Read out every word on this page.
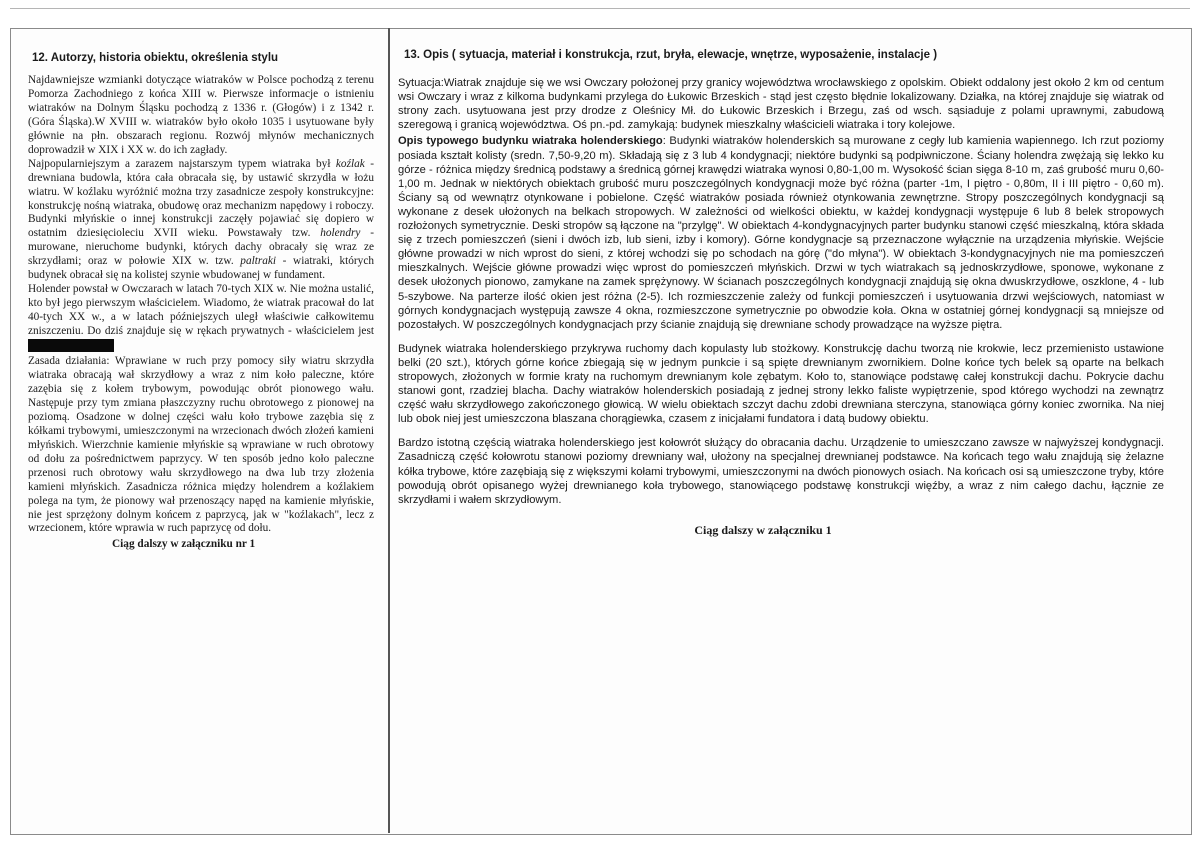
12. Autorzy, historia obiektu, określenia stylu

Najdawniejsze wzmianki dotyczące wiatraków w Polsce pochodzą z terenu Pomorza Zachodniego z końca XIII w. Pierwsze informacje o istnieniu wiatraków na Dolnym Śląsku pochodzą z 1336 r. (Głogów) i z 1342 r. (Góra Śląska).W XVIII w. wiatraków było około 1035 i usytuowane były głównie na płn. obszarach regionu. Rozwój młynów mechanicznych doprowadził w XIX i XX w. do ich zagłady.

Najpopularniejszym a zarazem najstarszym typem wiatraka był koźlak - drewniana budowla, która cała obracała się, by ustawić skrzydła w łożu wiatru. W koźlaku wyróżnić można trzy zasadnicze zespoły konstrukcyjne: konstrukcję nośną wiatraka, obudowę oraz mechanizm napędowy i roboczy. Budynki młyńskie o innej konstrukcji zaczęły pojawiać się dopiero w ostatnim dziesięcioleciu XVII wieku. Powstawały tzw. holendry - murowane, nieruchome budynki, których dachy obracały się wraz ze skrzydłami; oraz w połowie XIX w. tzw. paltraki - wiatraki, których budynek obracał się na kolistej szynie wbudowanej w fundament.

Holender powstał w Owczarach w latach 70-tych XIX w. Nie można ustalić, kto był jego pierwszym właścicielem. Wiadomo, że wiatrak pracował do lat 40-tych XX w., a w latach późniejszych uległ właściwie całkowitemu zniszczeniu. Do dziś znajduje się w rękach prywatnych - właścicielem jest

Zasada działania: Wprawiane w ruch przy pomocy siły wiatru skrzydła wiatraka obracają wał skrzydłowy a wraz z nim koło paleczne, które zazębia się z kołem trybowym, powodując obrót pionowego wału. Następuje przy tym zmiana płaszczyzny ruchu obrotowego z pionowej na poziomą. Osadzone w dolnej części wału koło trybowe zazębia się z kółkami trybowymi, umieszczonymi na wrzecionach dwóch złożeń kamieni młyńskich. Wierzchnie kamienie młyńskie są wprawiane w ruch obrotowy od dołu za pośrednictwem paprzycy. W ten sposób jedno koło paleczne przenosi ruch obrotowy wału skrzydłowego na dwa lub trzy złożenia kamieni młyńskich. Zasadnicza różnica między holendrem a koźlakiem polega na tym, że pionowy wał przenoszący napęd na kamienie młyńskie, nie jest sprzężony dolnym końcem z paprzycą, jak w "koźlakach", lecz z wrzecionem, które wprawia w ruch paprzycę od dołu.

Ciąg dalszy w załączniku nr 1
13. Opis ( sytuacja, materiał i konstrukcja, rzut, bryła, elewacje, wnętrze, wyposażenie, instalacje )

Sytuacja:Wiatrak znajduje się we wsi Owczary położonej przy granicy województwa wrocławskiego z opolskim. Obiekt oddalony jest około 2 km od centum wsi Owczary i wraz z kilkoma budynkami przylega do Łukowic Brzeskich - stąd jest często błędnie lokalizowany. Działka, na której znajduje się wiatrak od strony zach. usytuowana jest przy drodze z Oleśnicy Mł. do Łukowic Brzeskich i Brzegu, zaś od wsch. sąsiaduje z polami uprawnymi, zabudową szeregową i granicą województwa. Oś pn.-pd. zamykają: budynek mieszkalny właścicieli wiatraka i tory kolejowe.

Opis typowego budynku wiatraka holenderskiego: Budynki wiatraków holenderskich są murowane z cegły lub kamienia wapiennego. Ich rzut poziomy posiada kształt kolisty (sredn. 7,50-9,20 m). Składają się z 3 lub 4 kondygnacji; niektóre budynki są podpiwniczone. Ściany holendra zwężają się lekko ku górze - różnica między średnicą podstawy a średnicą górnej krawędzi wiatraka wynosi 0,80-1,00 m. Wysokość ścian sięga 8-10 m, zaś grubość muru 0,60-1,00 m. Jednak w niektórych obiektach grubość muru poszczególnych kondygnacji może być różna (parter -1m, I piętro - 0,80m, II i III piętro - 0,60 m). Ściany są od wewnątrz otynkowane i pobielone. Część wiatraków posiada również otynkowania zewnętrzne. Stropy poszczególnych kondygnacji są wykonane z desek ułożonych na belkach stropowych. W zależności od wielkości obiektu, w każdej kondygnacji występuje 6 lub 8 belek stropowych rozłożonych symetrycznie. Deski stropów są łączone na "przylgę". W obiektach 4-kondygnacyjnych parter budynku stanowi część mieszkalną, która składa się z trzech pomieszczeń (sieni i dwóch izb, lub sieni, izby i komory). Górne kondygnacje są przeznaczone wyłącznie na urządzenia młyńskie. Wejście główne prowadzi w nich wprost do sieni, z której wchodzi się po schodach na górę ("do młyna"). W obiektach 3-kondygnacyjnych nie ma pomieszczeń mieszkalnych. Wejście główne prowadzi więc wprost do pomieszczeń młyńskich. Drzwi w tych wiatrakach są jednoskrzydłowe, sponowe, wykonane z desek ułożonych pionowo, zamykane na zamek sprężynowy. W ścianach poszczególnych kondygnacji znajdują się okna dwuskrzydłowe, oszklone, 4 - lub 5-szybowe. Na parterze ilość okien jest różna (2-5). Ich rozmieszczenie zależy od funkcji pomieszczeń i usytuowania drzwi wejściowych, natomiast w górnych kondygnacjach występują zawsze 4 okna, rozmieszczone symetrycznie po obwodzie koła. Okna w ostatniej górnej kondygnacji są mniejsze od pozostałych. W poszczególnych kondygnacjach przy ścianie znajdują się drewniane schody prowadzące na wyższe piętra.

Budynek wiatraka holenderskiego przykrywa ruchomy dach kopulasty lub stożkowy. Konstrukcję dachu tworzą nie krokwie, lecz przemienisto ustawione belki (20 szt.), których górne końce zbiegają się w jednym punkcie i są spięte drewnianym zwornikiem. Dolne końce tych belek są oparte na belkach stropowych, złożonych w formie kraty na ruchomym drewnianym kole zębatym. Koło to, stanowiące podstawę całej konstrukcji dachu. Pokrycie dachu stanowi gont, rzadziej blacha. Dachy wiatraków holenderskich posiadają z jednej strony lekko faliste wypiętrzenie, spod którego wychodzi na zewnątrz część wału skrzydłowego zakończonego głowicą. W wielu obiektach szczyt dachu zdobi drewniana sterczyna, stanowiąca górny koniec zwornika. Na niej lub obok niej jest umieszczona blaszana chorągiewka, czasem z inicjałami fundatora i datą budowy obiektu.

Bardzo istotną częścią wiatraka holenderskiego jest kołowrót służący do obracania dachu. Urządzenie to umieszczano zawsze w najwyższej kondygnacji. Zasadniczą część kołowrotu stanowi poziomy drewniany wał, ułożony na specjalnej drewnianej podstawce. Na końcach tego wału znajdują się żelazne kółka trybowe, które zazębiają się z większymi kołami trybowymi, umieszczonymi na dwóch pionowych osiach. Na końcach osi są umieszczone tryby, które powodują obrót opisanego wyżej drewnianego koła trybowego, stanowiącego podstawę konstrukcji więźby, a wraz z nim całego dachu, łącznie ze skrzydłami i wałem skrzydłowym.

Ciąg dalszy w załączniku 1
